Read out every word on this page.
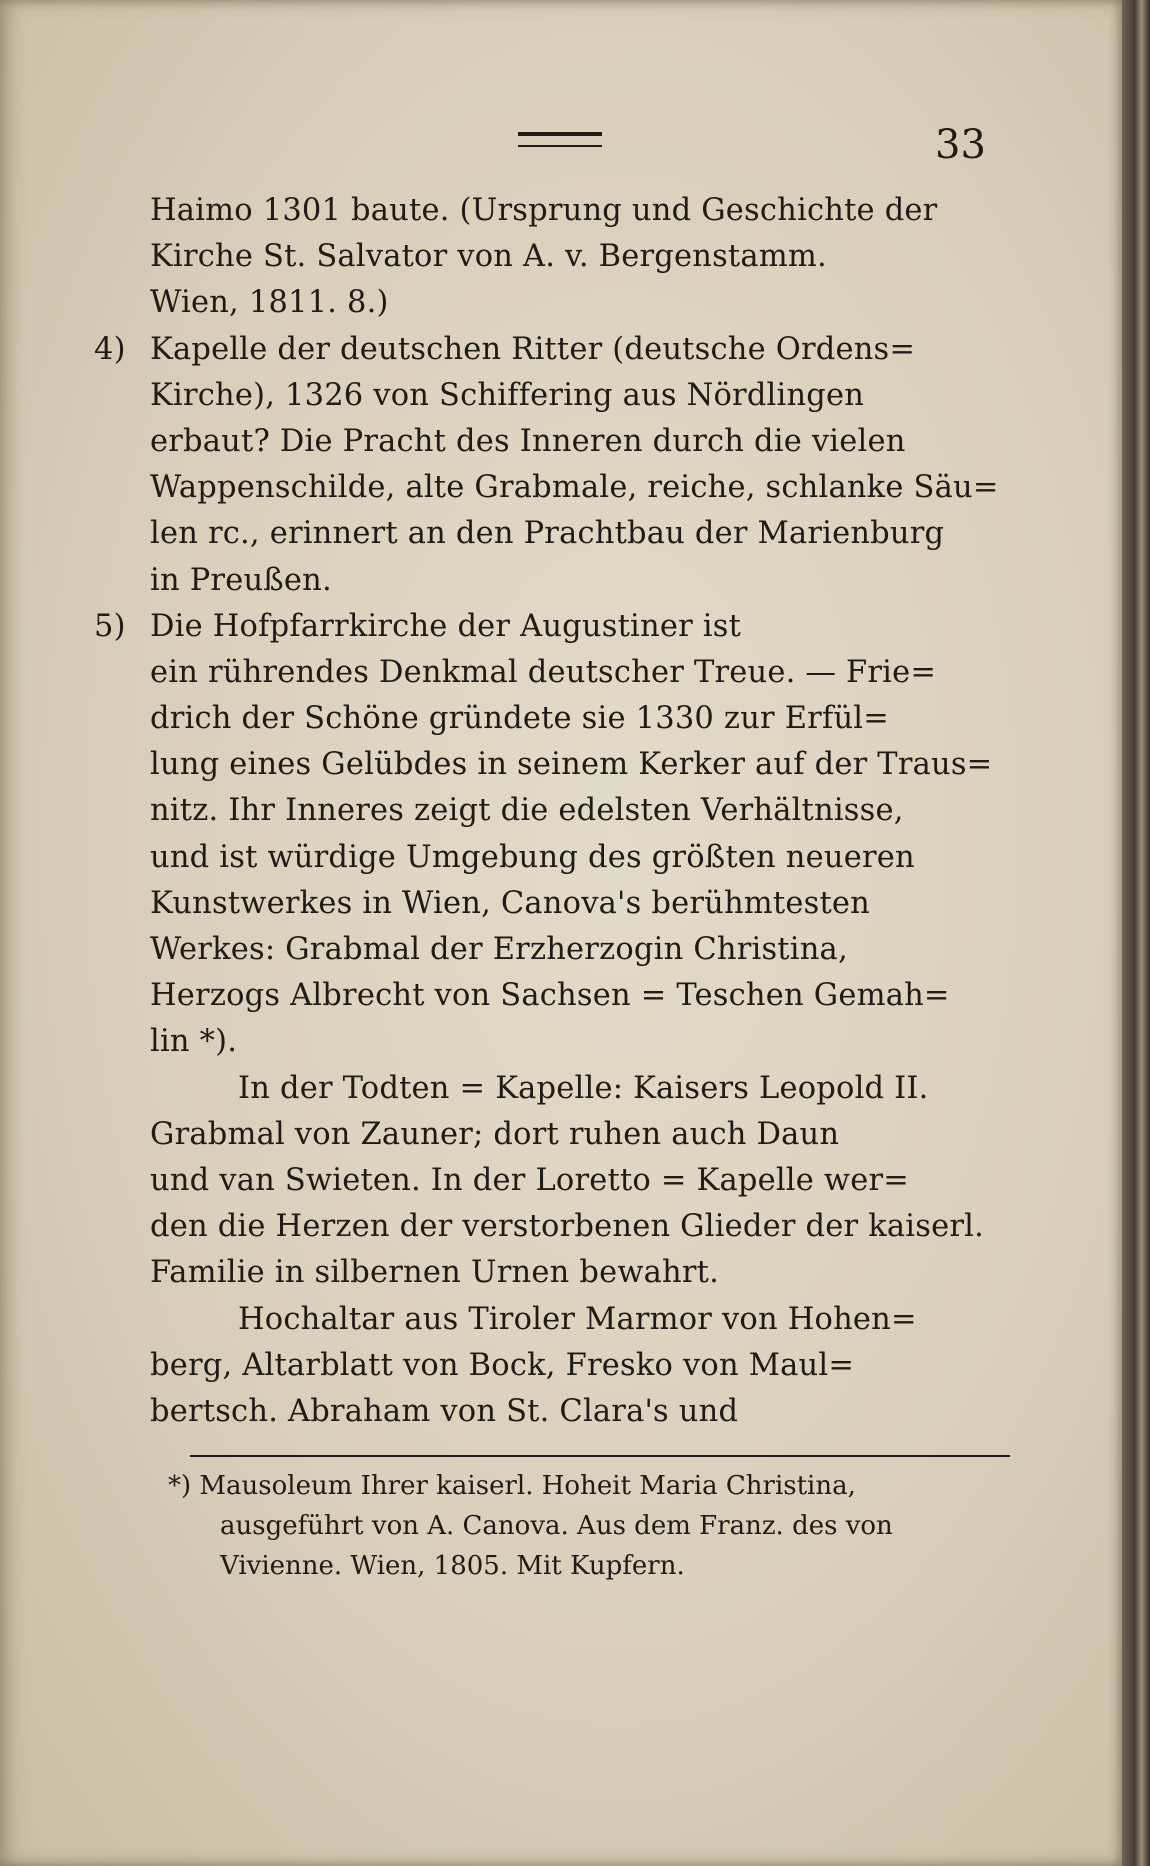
33
Haimo 1301 baute. (Ursprung und Geschichte der
Kirche St. Salvator von A. v. Bergenstamm.
Wien, 1811. 8.)
4) Kapelle der deutschen Ritter (deutsche Ordens=
Kirche), 1326 von Schiffering aus Nördlingen
erbaut? Die Pracht des Inneren durch die vielen
Wappenschilde, alte Grabmale, reiche, schlanke Säu=
len rc., erinnert an den Prachtbau der Marienburg
in Preußen.
5) Die Hofpfarrkirche der Augustiner ist
ein rührendes Denkmal deutscher Treue. — Frie=
drich der Schöne gründete sie 1330 zur Erfül=
lung eines Gelübdes in seinem Kerker auf der Traus=
nitz. Ihr Inneres zeigt die edelsten Verhältnisse,
und ist würdige Umgebung des größten neueren
Kunstwerkes in Wien, Canova's berühmtesten
Werkes: Grabmal der Erzherzogin Christina,
Herzogs Albrecht von Sachsen = Teschen Gemah=
lin *).
In der Todten = Kapelle: Kaisers Leopold II.
Grabmal von Zauner; dort ruhen auch Daun
und van Swieten. In der Loretto = Kapelle wer=
den die Herzen der verstorbenen Glieder der kaiserl.
Familie in silbernen Urnen bewahrt.
Hochaltar aus Tiroler Marmor von Hohen=
berg, Altarblatt von Bock, Fresko von Maul=
bertsch. Abraham von St. Clara's und
*) Mausoleum Ihrer kaiserl. Hoheit Maria Christina,
ausgeführt von A. Canova. Aus dem Franz. des von
Vivienne. Wien, 1805. Mit Kupfern.
